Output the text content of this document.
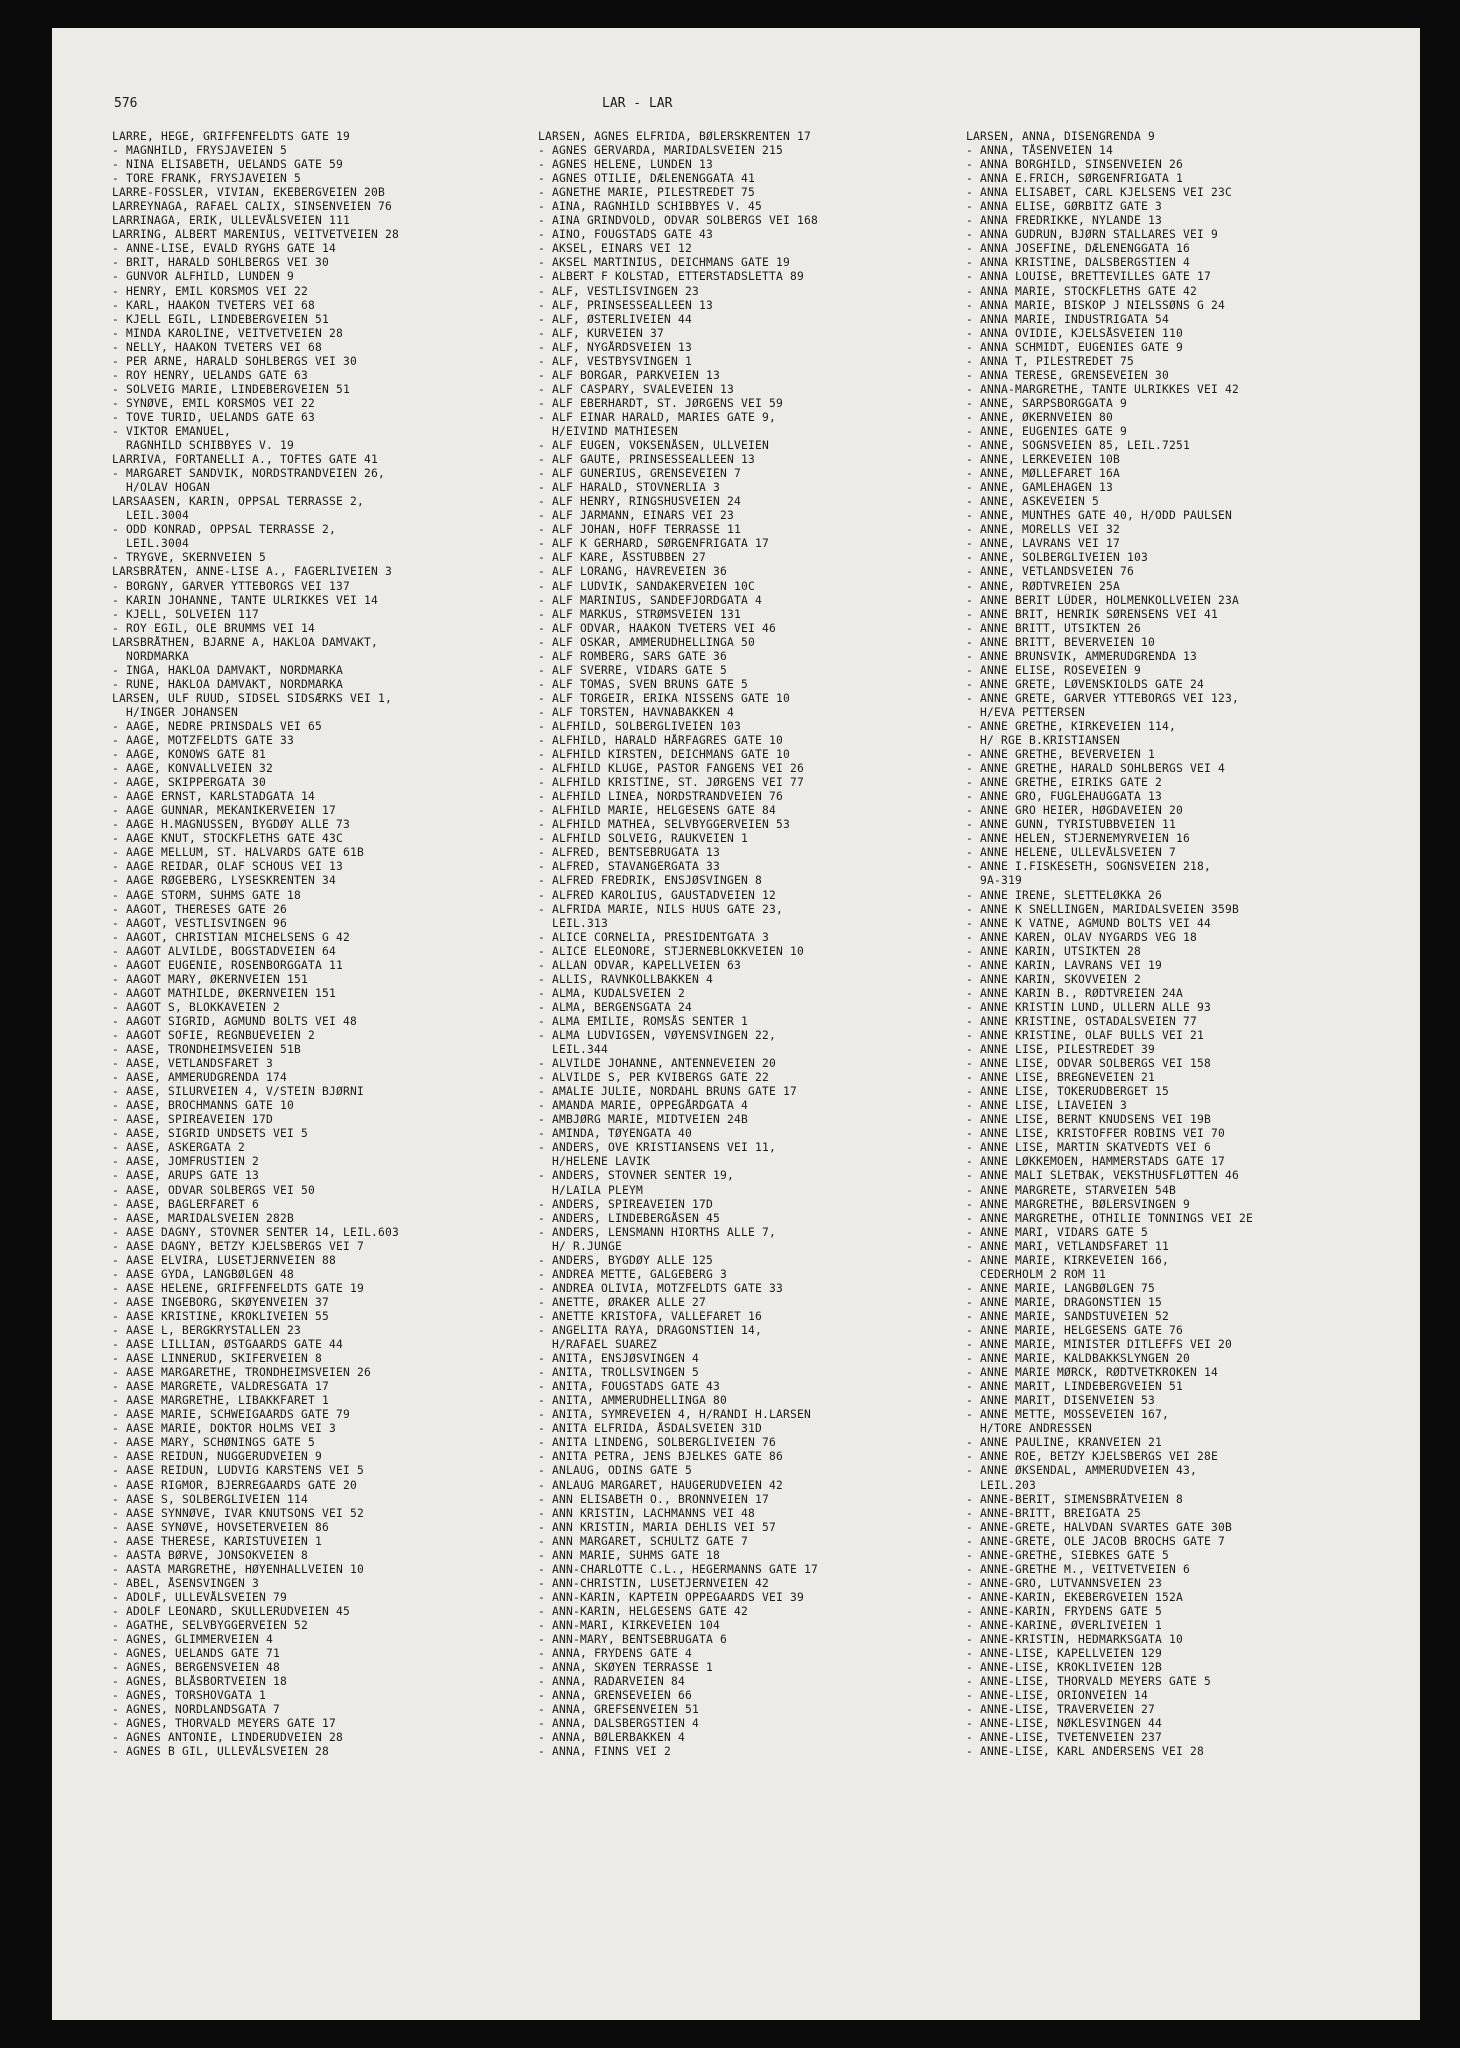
576	LAR - LAR
LARRE, HEGE, GRIFFENFELDTS GATE 19
- MAGNHILD, FRYSJAVEIEN 5
- NINA ELISABETH, UELANDS GATE 59
- TORE FRANK, FRYSJAVEIEN 5
LARRE-FOSSLER, VIVIAN, EKEBERGVEIEN 20B
LARREYNAGA, RAFAEL CALIX, SINSENVEIEN 76
LARRINAGA, ERIK, ULLEVÅLSVEIEN 111
LARRING, ALBERT MARENIUS, VEITVETVEIEN 28
- ANNE-LISE, EVALD RYGHS GATE 14
- BRIT, HARALD SOHLBERGS VEI 30
- GUNVOR ALFHILD, LUNDEN 9
- HENRY, EMIL KORSMOS VEI 22
- KARL, HAAKON TVETERS VEI 68
- KJELL EGIL, LINDEBERGVEIEN 51
- MINDA KAROLINE, VEITVETVEIEN 28
- NELLY, HAAKON TVETERS VEI 68
- PER ARNE, HARALD SOHLBERGS VEI 30
- ROY HENRY, UELANDS GATE 63
- SOLVEIG MARIE, LINDEBERGVEIEN 51
- SYNØVE, EMIL KORSMOS VEI 22
- TOVE TURID, UELANDS GATE 63
- VIKTOR EMANUEL,
RAGNHILD SCHIBBYES V. 19
LARRIVA, FORTANELLI A., TOFTES GATE 41
- MARGARET SANDVIK, NORDSTRANDVEIEN 26,
H/OLAV HOGAN
LARSAASEN, KARIN, OPPSAL TERRASSE 2,
LEIL.3004
- ODD KONRAD, OPPSAL TERRASSE 2,
LEIL.3004
- TRYGVE, SKERNVEIEN 5
LARSBRÅTEN, ANNE-LISE A., FAGERLIVEIEN 3
- BORGNY, GARVER YTTEBORGS VEI 137
- KARIN JOHANNE, TANTE ULRIKKES VEI 14
- KJELL, SOLVEIEN 117
- ROY EGIL, OLE BRUMMS VEI 14
LARSBRÅTHEN, BJARNE A, HAKLOA DAMVAKT,
NORDMARKA
- INGA, HAKLOA DAMVAKT, NORDMARKA
- RUNE, HAKLOA DAMVAKT, NORDMARKA
LARSEN, ULF RUUD, SIDSEL SIDSÆRKS VEI 1,
H/INGER JOHANSEN
- AAGE, NEDRE PRINSDALS VEI 65
- AAGE, MOTZFELDTS GATE 33
- AAGE, KONOWS GATE 81
- AAGE, KONVALLVEIEN 32
- AAGE, SKIPPERGATA 30
- AAGE ERNST, KARLSTADGATA 14
- AAGE GUNNAR, MEKANIKERVEIEN 17
- AAGE H.MAGNUSSEN, BYGDØY ALLE 73
- AAGE KNUT, STOCKFLETHS GATE 43C
- AAGE MELLUM, ST. HALVARDS GATE 61B
- AAGE REIDAR, OLAF SCHOUS VEI 13
- AAGE RØGEBERG, LYSESKRENTEN 34
- AAGE STORM, SUHMS GATE 18
- AAGOT, THERESES GATE 26
- AAGOT, VESTLISVINGEN 96
- AAGOT, CHRISTIAN MICHELSENS G 42
- AAGOT ALVILDE, BOGSTADVEIEN 64
- AAGOT EUGENIE, ROSENBORGGATA 11
- AAGOT MARY, ØKERNVEIEN 151
- AAGOT MATHILDE, ØKERNVEIEN 151
- AAGOT S, BLOKKAVEIEN 2
- AAGOT SIGRID, AGMUND BOLTS VEI 48
- AAGOT SOFIE, REGNBUEVEIEN 2
- AASE, TRONDHEIMSVEIEN 51B
- AASE, VETLANDSFARET 3
- AASE, AMMERUDGRENDA 174
- AASE, SILURVEIEN 4, V/STEIN BJØRNI
- AASE, BROCHMANNS GATE 10
- AASE, SPIREAVEIEN 17D
- AASE, SIGRID UNDSETS VEI 5
- AASE, ASKERGATA 2
- AASE, JOMFRUSTIEN 2
- AASE, ARUPS GATE 13
- AASE, ODVAR SOLBERGS VEI 50
- AASE, BAGLERFARET 6
- AASE, MARIDALSVEIEN 282B
- AASE DAGNY, STOVNER SENTER 14, LEIL.603
- AASE DAGNY, BETZY KJELSBERGS VEI 7
- AASE ELVIRA, LUSETJERNVEIEN 88
- AASE GYDA, LANGBØLGEN 48
- AASE HELENE, GRIFFENFELDTS GATE 19
- AASE INGEBORG, SKØYENVEIEN 37
- AASE KRISTINE, KROKLIVEIEN 55
- AASE L, BERGKRYSTALLEN 23
- AASE LILLIAN, ØSTGAARDS GATE 44
- AASE LINNERUD, SKIFERVEIEN 8
- AASE MARGARETHE, TRONDHEIMSVEIEN 26
- AASE MARGRETE, VALDRESGATA 17
- AASE MARGRETHE, LIBAKKFARET 1
- AASE MARIE, SCHWEIGAARDS GATE 79
- AASE MARIE, DOKTOR HOLMS VEI 3
- AASE MARY, SCHØNINGS GATE 5
- AASE REIDUN, NUGGERUDVEIEN 9
- AASE REIDUN, LUDVIG KARSTENS VEI 5
- AASE RIGMOR, BJERREGAARDS GATE 20
- AASE S, SOLBERGLIVEIEN 114
- AASE SYNNØVE, IVAR KNUTSONS VEI 52
- AASE SYNØVE, HOVSETERVEIEN 86
- AASE THERESE, KARISTUVEIEN 1
- AASTA BØRVE, JONSOKVEIEN 8
- AASTA MARGRETHE, HØYENHALLVEIEN 10
- ABEL, ÅSENSVINGEN 3
- ADOLF, ULLEVÅLSVEIEN 79
- ADOLF LEONARD, SKULLERUDVEIEN 45
- AGATHE, SELVBYGGERVEIEN 52
- AGNES, GLIMMERVEIEN 4
- AGNES, UELANDS GATE 71
- AGNES, BERGENSVEIEN 48
- AGNES, BLÅSBORTVEIEN 18
- AGNES, TORSHOVGATA 1
- AGNES, NORDLANDSGATA 7
- AGNES, THORVALD MEYERS GATE 17
- AGNES ANTONIE, LINDERUDVEIEN 28
- AGNES B GIL, ULLEVÅLSVEIEN 28
LARSEN, AGNES ELFRIDA, BØLERSKRENTEN 17
- AGNES GERVARDA, MARIDALSVEIEN 215
- AGNES HELENE, LUNDEN 13
- AGNES OTILIE, DÆLENENGGATA 41
- AGNETHE MARIE, PILESTREDET 75
- AINA, RAGNHILD SCHIBBYES V. 45
- AINA GRINDVOLD, ODVAR SOLBERGS VEI 168
- AINO, FOUGSTADS GATE 43
- AKSEL, EINARS VEI 12
- AKSEL MARTINIUS, DEICHMANS GATE 19
- ALBERT F KOLSTAD, ETTERSTADSLETTA 89
- ALF, VESTLISVINGEN 23
- ALF, PRINSESSEALLEEN 13
- ALF, ØSTERLIVEIEN 44
- ALF, KURVEIEN 37
- ALF, NYGÅRDSVEIEN 13
- ALF, VESTBYSVINGEN 1
- ALF BORGAR, PARKVEIEN 13
- ALF CASPARY, SVALEVEIEN 13
- ALF EBERHARDT, ST. JØRGENS VEI 59
- ALF EINAR HARALD, MARIES GATE 9,
H/EIVIND MATHIESEN
- ALF EUGEN, VOKSENÅSEN, ULLVEIEN
- ALF GAUTE, PRINSESSEALLEEN 13
- ALF GUNERIUS, GRENSEVEIEN 7
- ALF HARALD, STOVNERLIA 3
- ALF HENRY, RINGSHUSVEIEN 24
- ALF JARMANN, EINARS VEI 23
- ALF JOHAN, HOFF TERRASSE 11
- ALF K GERHARD, SØRGENFRIGATA 17
- ALF KARE, ÅSSTUBBEN 27
- ALF LORANG, HAVREVEIEN 36
- ALF LUDVIK, SANDAKERVEIEN 10C
- ALF MARINIUS, SANDEFJORDGATA 4
- ALF MARKUS, STRØMSVEIEN 131
- ALF ODVAR, HAAKON TVETERS VEI 46
- ALF OSKAR, AMMERUDHELLINGA 50
- ALF ROMBERG, SARS GATE 36
- ALF SVERRE, VIDARS GATE 5
- ALF TOMAS, SVEN BRUNS GATE 5
- ALF TORGEIR, ERIKA NISSENS GATE 10
- ALF TORSTEN, HAVNABAKKEN 4
- ALFHILD, SOLBERGLIVEIEN 103
- ALFHILD, HARALD HÅRFAGRES GATE 10
- ALFHILD KIRSTEN, DEICHMANS GATE 10
- ALFHILD KLUGE, PASTOR FANGENS VEI 26
- ALFHILD KRISTINE, ST. JØRGENS VEI 77
- ALFHILD LINEA, NORDSTRANDVEIEN 76
- ALFHILD MARIE, HELGESENS GATE 84
- ALFHILD MATHEA, SELVBYGGERVEIEN 53
- ALFHILD SOLVEIG, RAUKVEIEN 1
- ALFRED, BENTSEBRUGATA 13
- ALFRED, STAVANGERGATA 33
- ALFRED FREDRIK, ENSJØSVINGEN 8
- ALFRED KAROLIUS, GAUSTADVEIEN 12
- ALFRIDA MARIE, NILS HUUS GATE 23,
LEIL.313
- ALICE CORNELIA, PRESIDENTGATA 3
- ALICE ELEONORE, STJERNEBLOKKVEIEN 10
- ALLAN ODVAR, KAPELLVEIEN 63
- ALLIS, RAVNKOLLBAKKEN 4
- ALMA, KUDALSVEIEN 2
- ALMA, BERGENSGATA 24
- ALMA EMILIE, ROMSÅS SENTER 1
- ALMA LUDVIGSEN, VØYENSVINGEN 22,
LEIL.344
- ALVILDE JOHANNE, ANTENNEVEIEN 20
- ALVILDE S, PER KVIBERGS GATE 22
- AMALIE JULIE, NORDAHL BRUNS GATE 17
- AMANDA MARIE, OPPEGÅRDGATA 4
- AMBJØRG MARIE, MIDTVEIEN 24B
- AMINDA, TØYENGATA 40
- ANDERS, OVE KRISTIANSENS VEI 11,
H/HELENE LAVIK
- ANDERS, STOVNER SENTER 19,
H/LAILA PLEYM
- ANDERS, SPIREAVEIEN 17D
- ANDERS, LINDEBERGÅSEN 45
- ANDERS, LENSMANN HIORTHS ALLE 7,
H/ R.JUNGE
- ANDERS, BYGDØY ALLE 125
- ANDREA METTE, GALGEBERG 3
- ANDREA OLIVIA, MOTZFELDTS GATE 33
- ANETTE, ØRAKER ALLE 27
- ANETTE KRISTOFA, VALLEFARET 16
- ANGELITA RAYA, DRAGONSTIEN 14,
H/RAFAEL SUAREZ
- ANITA, ENSJØSVINGEN 4
- ANITA, TROLLSVINGEN 5
- ANITA, FOUGSTADS GATE 43
- ANITA, AMMERUDHELLINGA 80
- ANITA, SYMREVEIEN 4, H/RANDI H.LARSEN
- ANITA ELFRIDA, ÅSDALSVEIEN 31D
- ANITA LINDENG, SOLBERGLIVEIEN 76
- ANITA PETRA, JENS BJELKES GATE 86
- ANLAUG, ODINS GATE 5
- ANLAUG MARGARET, HAUGERUDVEIEN 42
- ANN ELISABETH O., BRONNVEIEN 17
- ANN KRISTIN, LACHMANNS VEI 48
- ANN KRISTIN, MARIA DEHLIS VEI 57
- ANN MARGARET, SCHULTZ GATE 7
- ANN MARIE, SUHMS GATE 18
- ANN-CHARLOTTE C.L., HEGERMANNS GATE 17
- ANN-CHRISTIN, LUSETJERNVEIEN 42
- ANN-KARIN, KAPTEIN OPPEGAARDS VEI 39
- ANN-KARIN, HELGESENS GATE 42
- ANN-MARI, KIRKEVEIEN 104
- ANN-MARY, BENTSEBRUGATA 6
- ANNA, FRYDENS GATE 4
- ANNA, SKØYEN TERRASSE 1
- ANNA, RADARVEIEN 84
- ANNA, GRENSEVEIEN 66
- ANNA, GREFSENVEIEN 51
- ANNA, DALSBERGSTIEN 4
- ANNA, BØLERBAKKEN 4
- ANNA, FINNS VEI 2
LARSEN, ANNA, DISENGRENDA 9
- ANNA, TÅSENVEIEN 14
- ANNA BORGHILD, SINSENVEIEN 26
- ANNA E.FRICH, SØRGENFRIGATA 1
- ANNA ELISABET, CARL KJELSENS VEI 23C
- ANNA ELISE, GØRBITZ GATE 3
- ANNA FREDRIKKE, NYLANDE 13
- ANNA GUDRUN, BJØRN STALLARES VEI 9
- ANNA JOSEFINE, DÆLENENGGATA 16
- ANNA KRISTINE, DALSBERGSTIEN 4
- ANNA LOUISE, BRETTEVILLES GATE 17
- ANNA MARIE, STOCKFLETHS GATE 42
- ANNA MARIE, BISKOP J NIELSSØNS G 24
- ANNA MARIE, INDUSTRIGATA 54
- ANNA OVIDIE, KJELSÅSVEIEN 110
- ANNA SCHMIDT, EUGENIES GATE 9
- ANNA T, PILESTREDET 75
- ANNA TERESE, GRENSEVEIEN 30
- ANNA-MARGRETHE, TANTE ULRIKKES VEI 42
- ANNE, SARPSBORGGATA 9
- ANNE, ØKERNVEIEN 80
- ANNE, EUGENIES GATE 9
- ANNE, SOGNSVEIEN 85, LEIL.7251
- ANNE, LERKEVEIEN 10B
- ANNE, MØLLEFARET 16A
- ANNE, GAMLEHAGEN 13
- ANNE, ASKEVEIEN 5
- ANNE, MUNTHES GATE 40, H/ODD PAULSEN
- ANNE, MORELLS VEI 32
- ANNE, LAVRANS VEI 17
- ANNE, SOLBERGLIVEIEN 103
- ANNE, VETLANDSVEIEN 76
- ANNE, RØDTVREIEN 25A
- ANNE BERIT LÜDER, HOLMENKOLLVEIEN 23A
- ANNE BRIT, HENRIK SØRENSENS VEI 41
- ANNE BRITT, UTSIKTEN 26
- ANNE BRITT, BEVERVEIEN 10
- ANNE BRUNSVIK, AMMERUDGRENDA 13
- ANNE ELISE, ROSEVEIEN 9
- ANNE GRETE, LØVENSKIOLDS GATE 24
- ANNE GRETE, GARVER YTTEBORGS VEI 123,
H/EVA PETTERSEN
- ANNE GRETHE, KIRKEVEIEN 114,
H/ RGE B.KRISTIANSEN
- ANNE GRETHE, BEVERVEIEN 1
- ANNE GRETHE, HARALD SOHLBERGS VEI 4
- ANNE GRETHE, EIRIKS GATE 2
- ANNE GRO, FUGLEHAUGGATA 13
- ANNE GRO HEIER, HØGDAVEIEN 20
- ANNE GUNN, TYRISTUBBVEIEN 11
- ANNE HELEN, STJERNEMYRVEIEN 16
- ANNE HELENE, ULLEVÅLSVEIEN 7
- ANNE I.FISKESETH, SOGNSVEIEN 218,
9A-319
- ANNE IRENE, SLETTELØKKA 26
- ANNE K SNELLINGEN, MARIDALSVEIEN 359B
- ANNE K VATNE, AGMUND BOLTS VEI 44
- ANNE KAREN, OLAV NYGARDS VEG 18
- ANNE KARIN, UTSIKTEN 28
- ANNE KARIN, LAVRANS VEI 19
- ANNE KARIN, SKOVVEIEN 2
- ANNE KARIN B., RØDTVREIEN 24A
- ANNE KRISTIN LUND, ULLERN ALLE 93
- ANNE KRISTINE, OSTADALSVEIEN 77
- ANNE KRISTINE, OLAF BULLS VEI 21
- ANNE LISE, PILESTREDET 39
- ANNE LISE, ODVAR SOLBERGS VEI 158
- ANNE LISE, BREGNEVEIEN 21
- ANNE LISE, TOKERUDBERGET 15
- ANNE LISE, LIAVEIEN 3
- ANNE LISE, BERNT KNUDSENS VEI 19B
- ANNE LISE, KRISTOFFER ROBINS VEI 70
- ANNE LISE, MARTIN SKATVEDTS VEI 6
- ANNE LØKKEMOEN, HAMMERSTADS GATE 17
- ANNE MALI SLETBAK, VEKSTHUSFLØTTEN 46
- ANNE MARGRETE, STARVEIEN 54B
- ANNE MARGRETHE, BØLERSVINGEN 9
- ANNE MARGRETHE, OTHILIE TONNINGS VEI 2E
- ANNE MARI, VIDARS GATE 5
- ANNE MARI, VETLANDSFARET 11
- ANNE MARIE, KIRKEVEIEN 166,
CEDERHOLM 2 ROM 11
- ANNE MARIE, LANGBØLGEN 75
- ANNE MARIE, DRAGONSTIEN 15
- ANNE MARIE, SANDSTUVEIEN 52
- ANNE MARIE, HELGESENS GATE 76
- ANNE MARIE, MINISTER DITLEFFS VEI 20
- ANNE MARIE, KALDBAKKSLYNGEN 20
- ANNE MARIE MØRCK, RØDTVETKROKEN 14
- ANNE MARIT, LINDEBERGVEIEN 51
- ANNE MARIT, DISENVEIEN 53
- ANNE METTE, MOSSEVEIEN 167,
H/TORE ANDRESSEN
- ANNE PAULINE, KRANVEIEN 21
- ANNE ROE, BETZY KJELSBERGS VEI 28E
- ANNE ØKSENDAL, AMMERUDVEIEN 43,
LEIL.203
- ANNE-BERIT, SIMENSBRÅTVEIEN 8
- ANNE-BRITT, BREIGATA 25
- ANNE-GRETE, HALVDAN SVARTES GATE 30B
- ANNE-GRETE, OLE JACOB BROCHS GATE 7
- ANNE-GRETHE, SIEBKES GATE 5
- ANNE-GRETHE M., VEITVETVEIEN 6
- ANNE-GRO, LUTVANNSVEIEN 23
- ANNE-KARIN, EKEBERGVEIEN 152A
- ANNE-KARIN, FRYDENS GATE 5
- ANNE-KARINE, ØVERLIVEIEN 1
- ANNE-KRISTIN, HEDMARKSGATA 10
- ANNE-LISE, KAPELLVEIEN 129
- ANNE-LISE, KROKLIVEIEN 12B
- ANNE-LISE, THORVALD MEYERS GATE 5
- ANNE-LISE, ORIONVEIEN 14
- ANNE-LISE, TRAVERVEIEN 27
- ANNE-LISE, NØKLESVINGEN 44
- ANNE-LISE, TVETENVEIEN 237
- ANNE-LISE, KARL ANDERSENS VEI 28
